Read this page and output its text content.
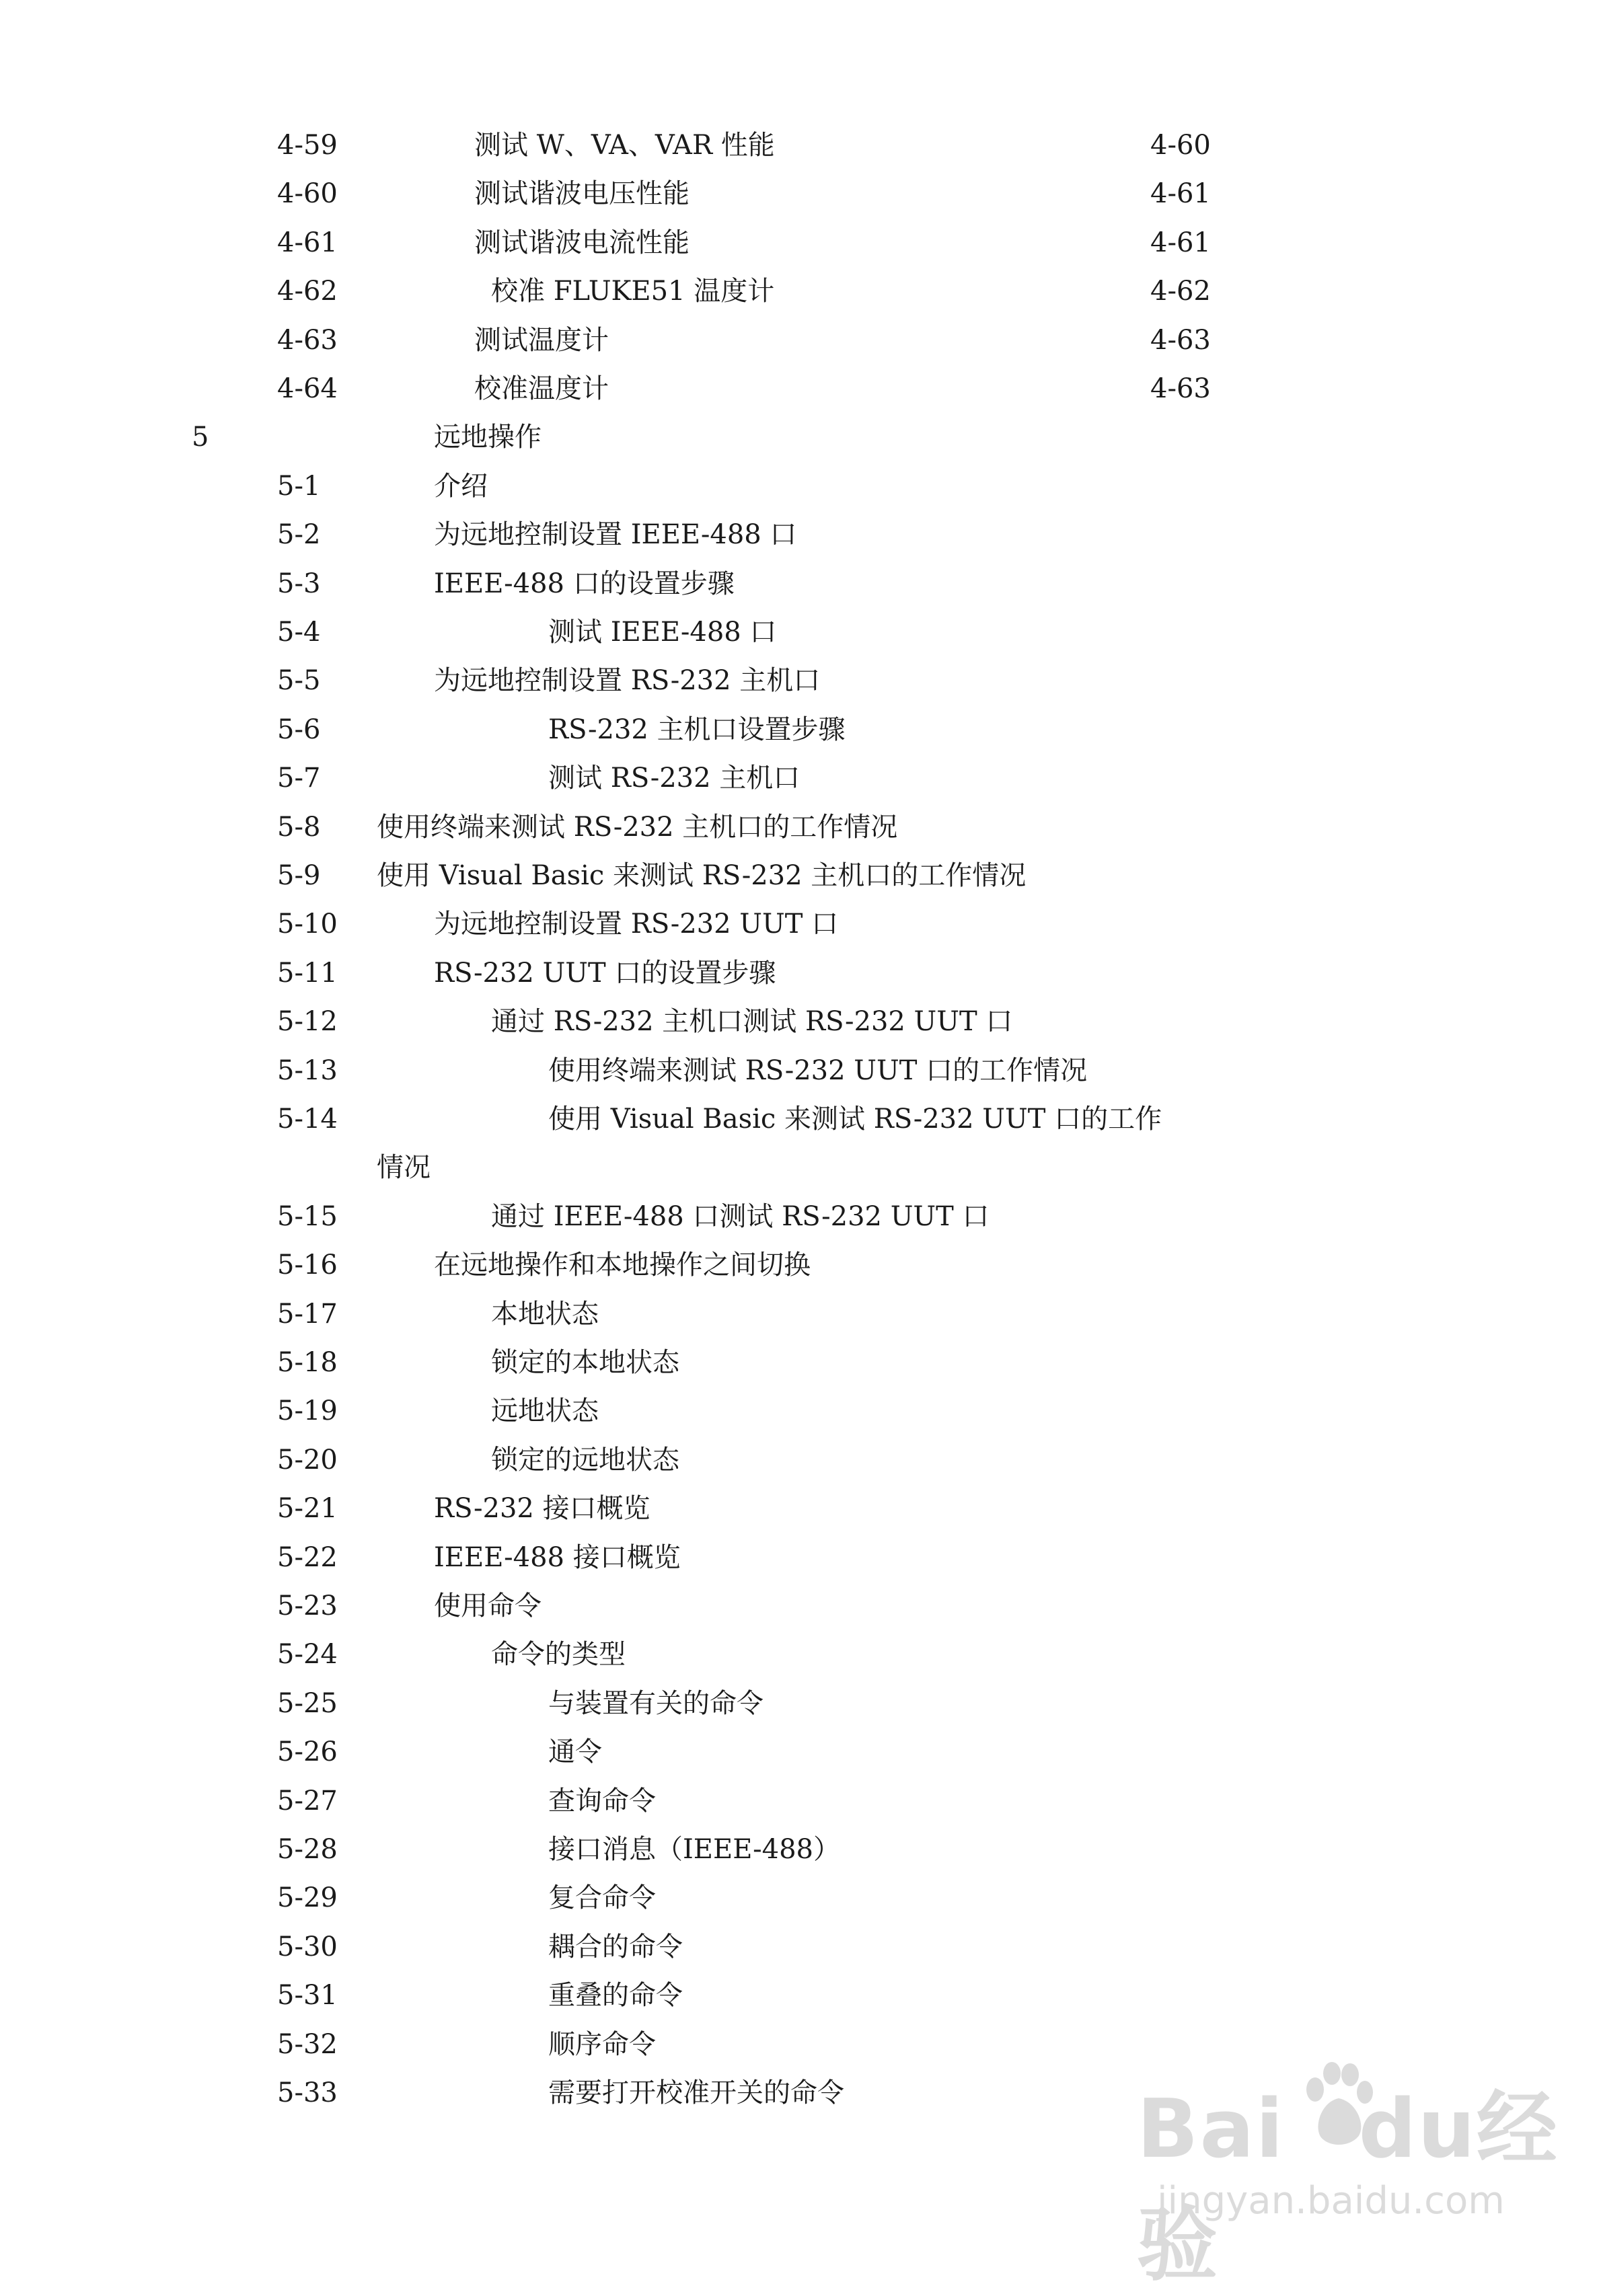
4-59	测试 W、VA、VAR 性能	4-60
4-60	测试谐波电压性能	4-61
4-61	测试谐波电流性能	4-61
4-62	校准 FLUKE51 温度计	4-62
4-63	测试温度计	4-63
4-64	校准温度计	4-63
5	远地操作
5-1	介绍
5-2	为远地控制设置 IEEE-488 口
5-3	IEEE-488 口的设置步骤
5-4	测试 IEEE-488 口
5-5	为远地控制设置 RS-232 主机口
5-6	RS-232 主机口设置步骤
5-7	测试 RS-232 主机口
5-8 使用终端来测试 RS-232 主机口的工作情况
5-9 使用 Visual Basic 来测试 RS-232 主机口的工作情况
5-10	为远地控制设置 RS-232 UUT 口
5-11	RS-232 UUT 口的设置步骤
5-12	通过 RS-232 主机口测试 RS-232 UUT 口
5-13	使用终端来测试 RS-232 UUT 口的工作情况
5-14	使用 Visual Basic 来测试 RS-232 UUT 口的工作
情况
5-15	通过 IEEE-488 口测试 RS-232 UUT 口
5-16	在远地操作和本地操作之间切换
5-17	本地状态
5-18	锁定的本地状态
5-19	远地状态
5-20	锁定的远地状态
5-21	RS-232 接口概览
5-22	IEEE-488 接口概览
5-23	使用命令
5-24	命令的类型
5-25	与装置有关的命令
5-26	通令
5-27	查询命令
5-28	接口消息（IEEE-488）
5-29	复合命令
5-30	耦合的命令
5-31	重叠的命令
5-32	顺序命令
5-33	需要打开校准开关的命令	Bai du经验
jingyan.baidu.com
